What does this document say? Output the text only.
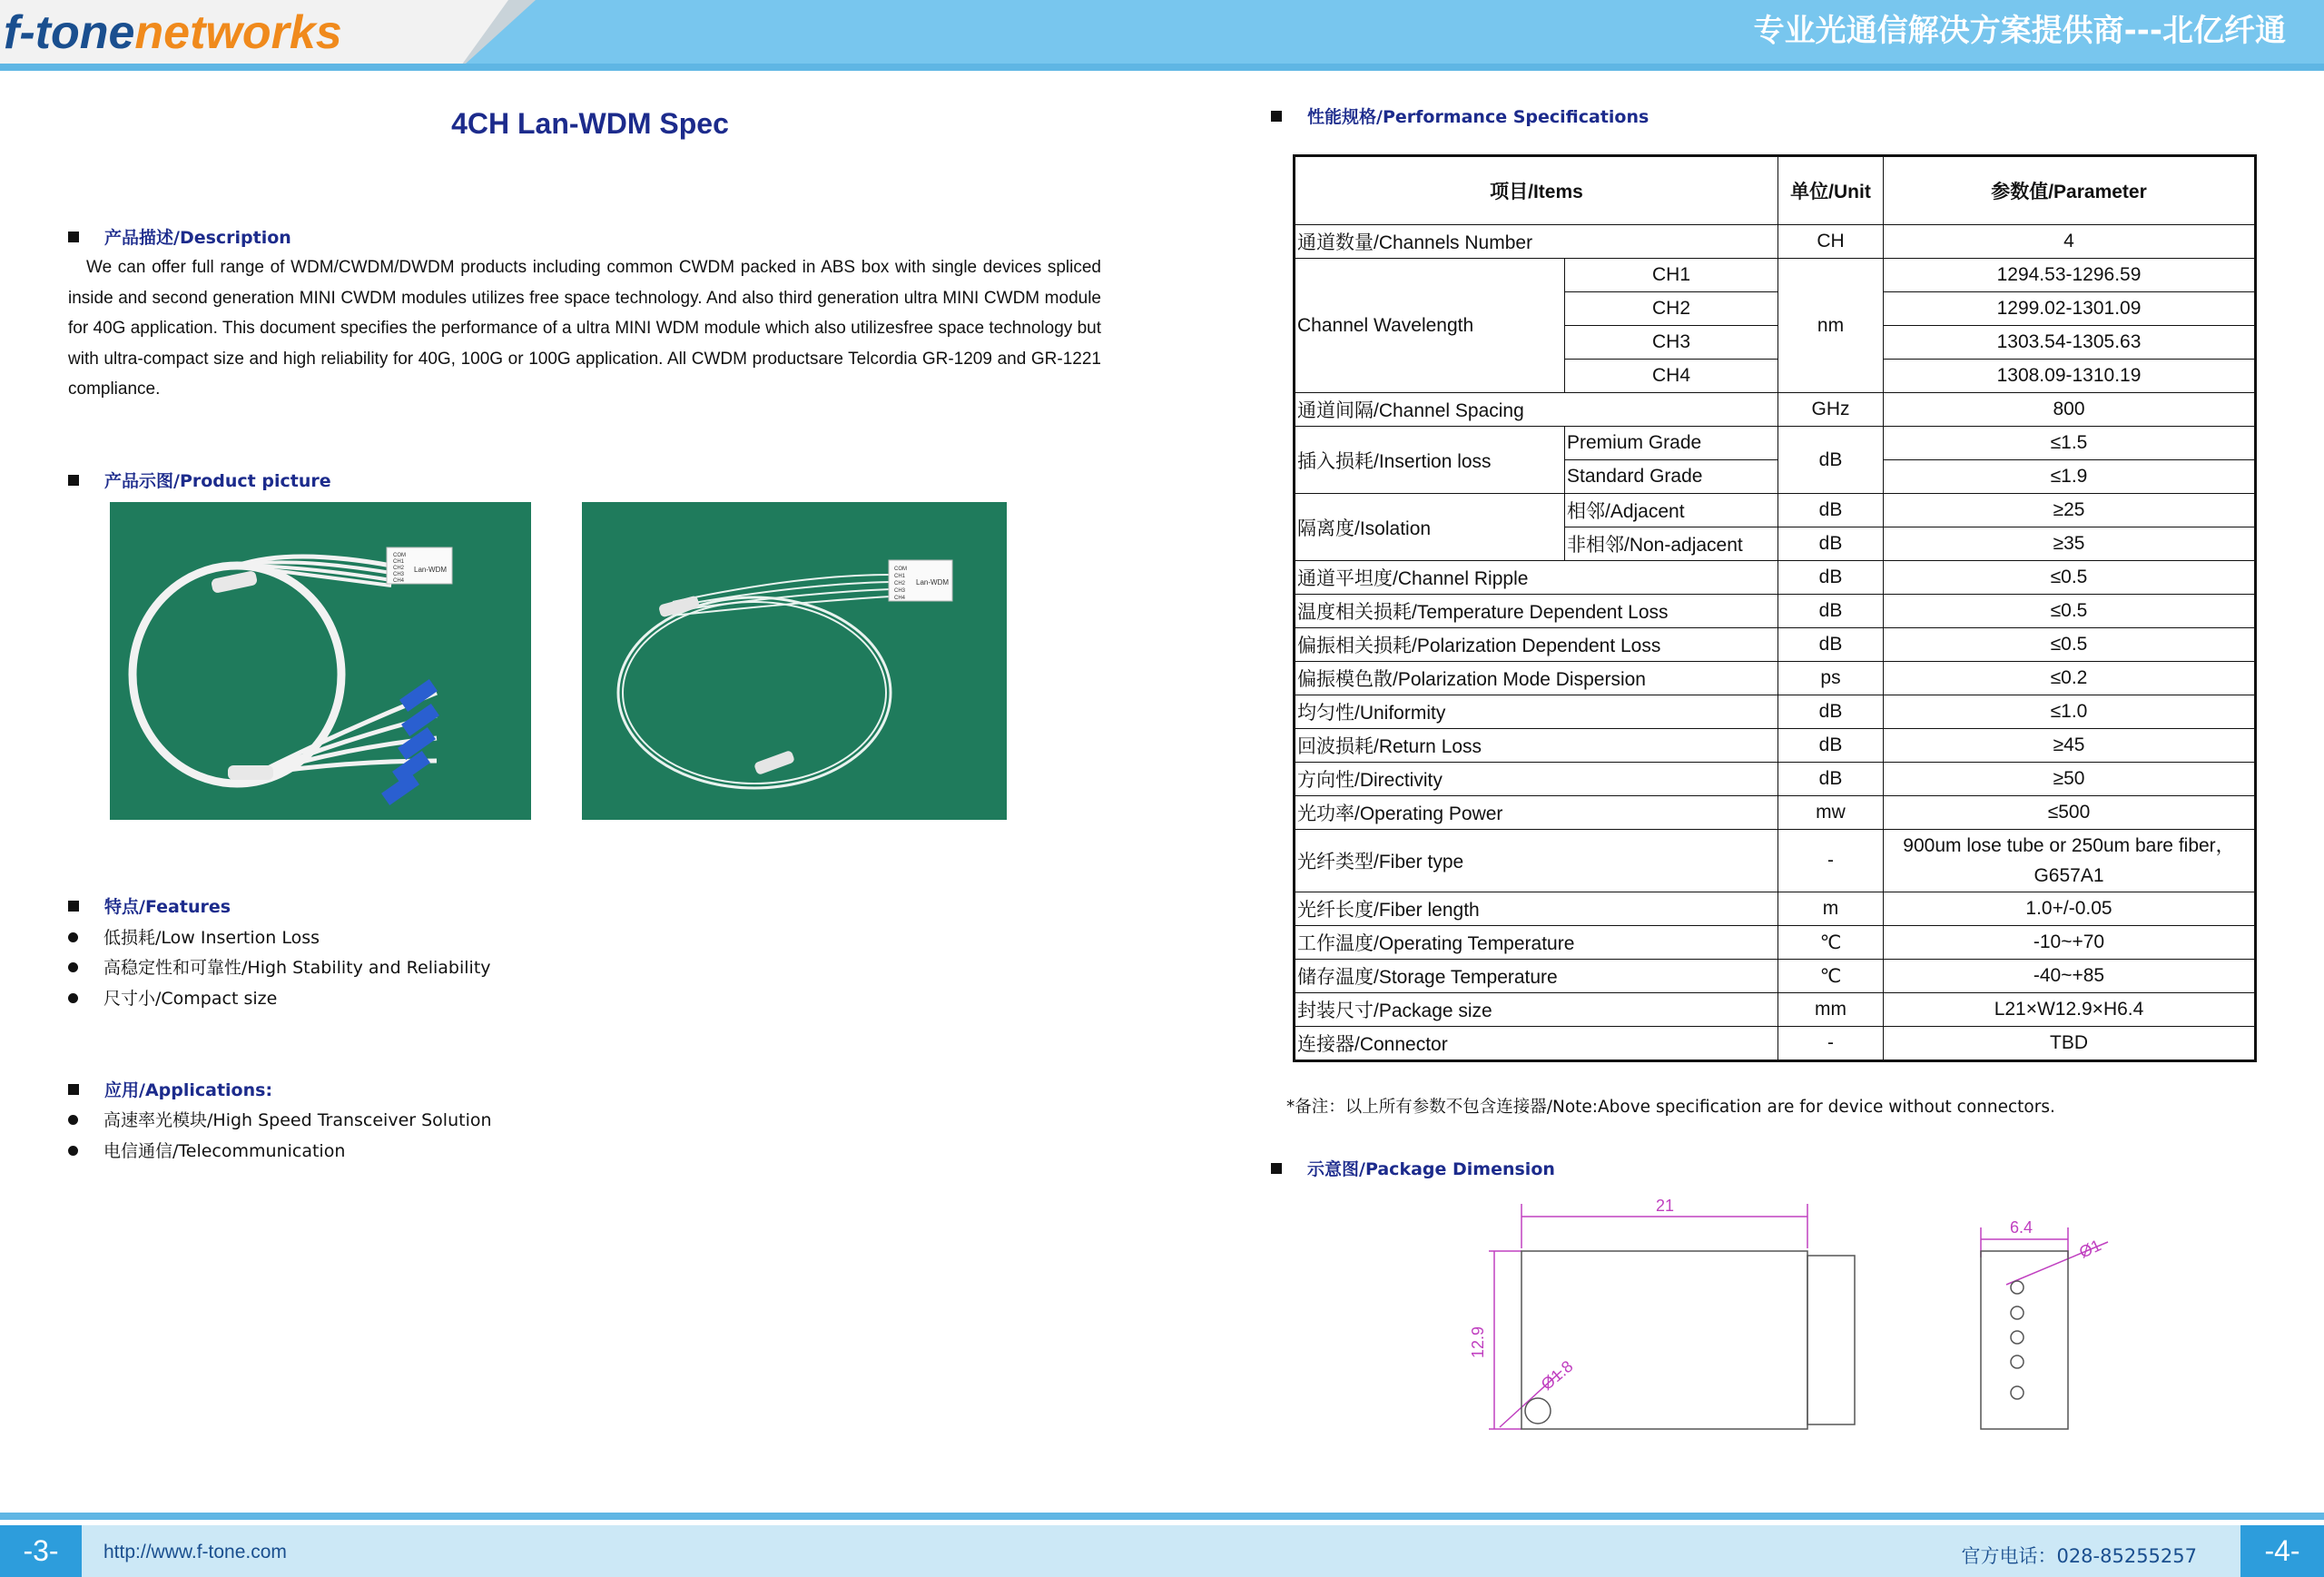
f-tonenetworks	专业光通信解决方案提供商---北亿纤通
4CH Lan-WDM Spec
产品描述/Description
We can offer full range of WDM/CWDM/DWDM products including common CWDM packed in ABS box with single devices spliced inside and second generation MINI CWDM modules utilizes free space technology. And also third generation ultra MINI CWDM module for 40G application. This document specifies the performance of a ultra MINI WDM module which also utilizesfree space technology but with ultra-compact size and high reliability for 40G, 100G or 100G application. All CWDM productsare Telcordia GR-1209 and GR-1221 compliance.
产品示图/Product picture
COM
CH1
CH2
CH3
CH4
Lan-WDM	COM
CH1
CH2
CH3
CH4
Lan-WDM
特点/Features
低损耗/Low Insertion Loss
高稳定性和可靠性/High Stability and Reliability
尺寸小/Compact size
应用/Applications:
高速率光模块/High Speed Transceiver Solution
电信通信/Telecommunication
性能规格/Performance Specifications
项目/Items		单位/Unit	参数值/Parameter
通道数量/Channels Number		CH	4
Channel Wavelength	CH1	nm	1294.53-1296.59
	CH2		1299.02-1301.09
	CH3		1303.54-1305.63
	CH4		1308.09-1310.19
通道间隔/Channel Spacing		GHz	800
插入损耗/Insertion loss	Premium Grade	dB	≤1.5
	Standard Grade		≤1.9
隔离度/Isolation	相邻/Adjacent	dB	≥25
	非相邻/Non-adjacent	dB	≥35
通道平坦度/Channel Ripple		dB	≤0.5
温度相关损耗/Temperature Dependent Loss		dB	≤0.5
偏振相关损耗/Polarization Dependent Loss		dB	≤0.5
偏振模色散/Polarization Mode Dispersion		ps	≤0.2
均匀性/Uniformity		dB	≤1.0
回波损耗/Return Loss		dB	≥45
方向性/Directivity		dB	≥50
光功率/Operating Power		mw	≤500
光纤类型/Fiber type		-	900um lose tube or 250um bare fiber，G657A1
光纤长度/Fiber length		m	1.0+/-0.05
工作温度/Operating Temperature		℃	-10~+70
储存温度/Storage Temperature		℃	-40~+85
封装尺寸/Package size		mm	L21×W12.9×H6.4
连接器/Connector		-	TBD
*备注：以上所有参数不包含连接器/Note:Above specification are for device without connectors.
示意图/Package Dimension
21
12.9
Ø1.8
6.4
Ø1
-3-	http://www.f-tone.com	官方电话：028-85255257	-4-
